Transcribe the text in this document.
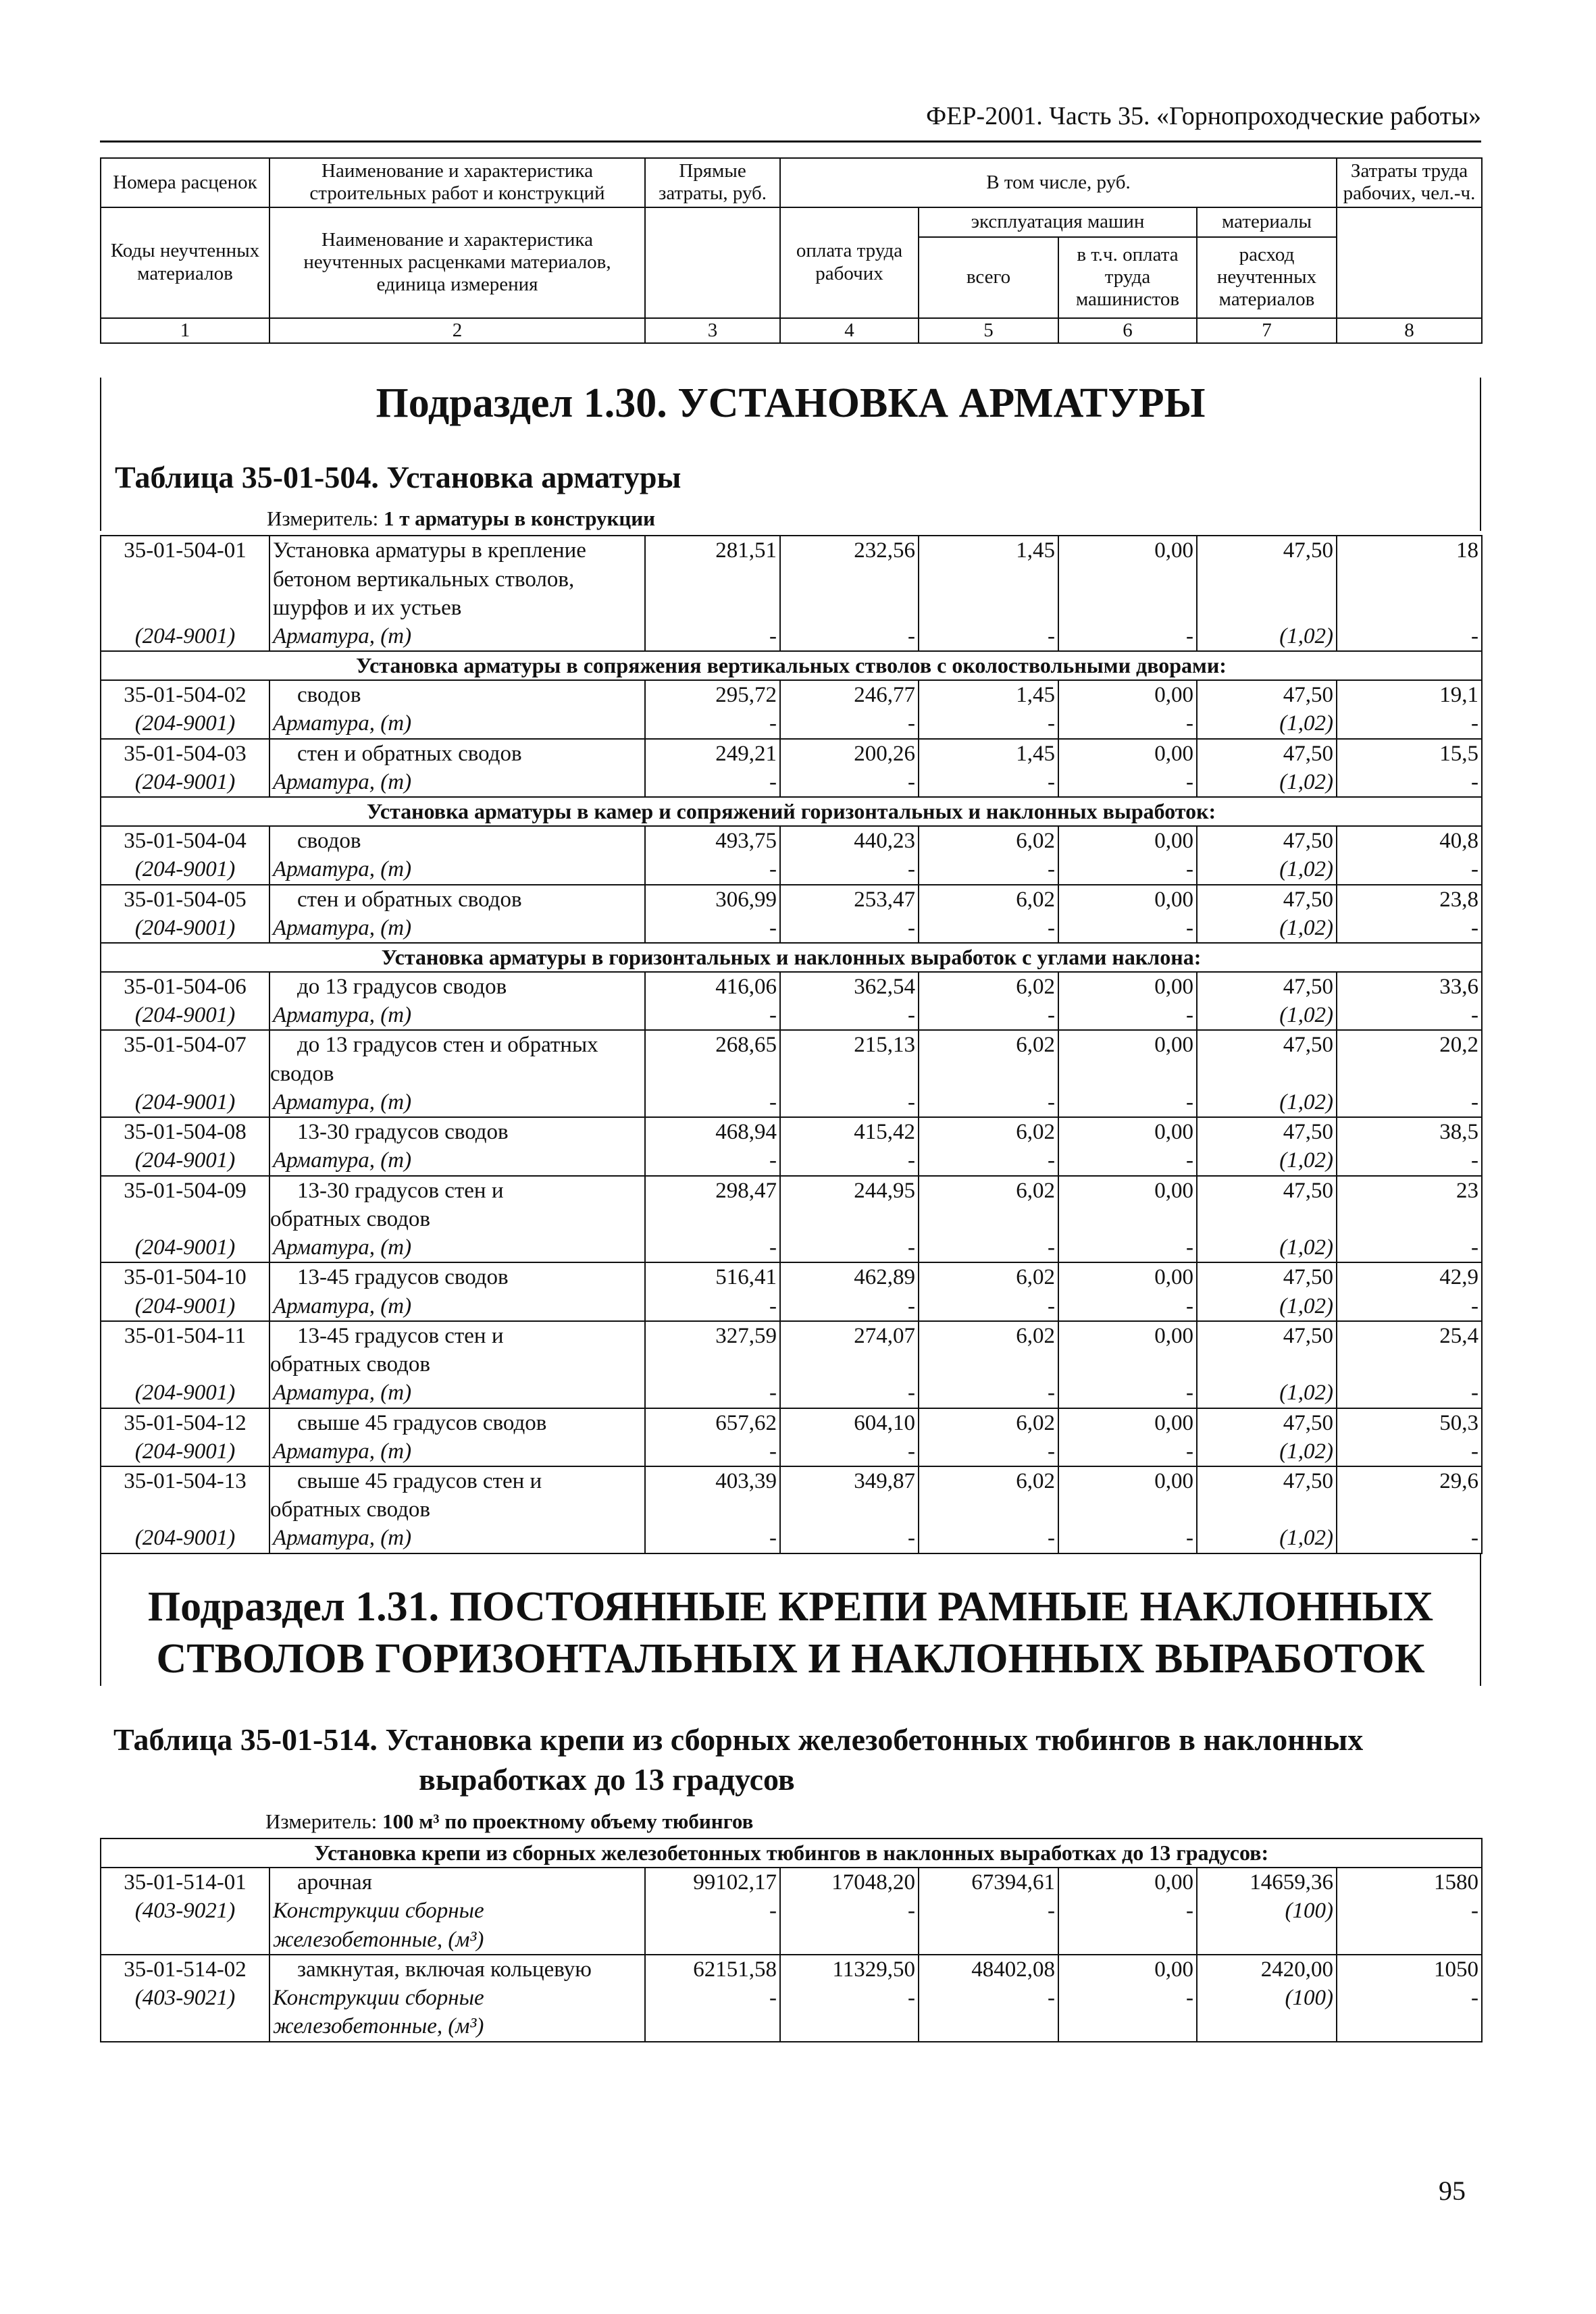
ФЕР-2001. Часть 35. «Горнопроходческие работы»
Номера расценок	Наименование и характеристика строительных работ и конструкций	Прямые затраты, руб.	В том числе, руб.	Затраты труда рабочих, чел.-ч.
Коды неучтенных материалов	Наименование и характеристика неучтенных расценками материалов, единица измерения		оплата труда рабочих	эксплуатация машин		материалы	
				всего	в т.ч. оплата труда машинистов	расход неучтенных материалов	
1	2	3	4	5	6	7	8
Подраздел 1.30. УСТАНОВКА АРМАТУРЫ
Таблица 35-01-504. Установка арматуры
Измеритель: 1 т арматуры в конструкции
35-01-504-01	Установка арматуры в крепление
бетоном вертикальных стволов,
шурфов и их устьев	281,51	232,56	1,45	0,00	47,50	18
(204-9001)	Арматура, (т)	-	-	-	-	(1,02)	-
Установка арматуры в сопряжения вертикальных стволов с околоствольными дворами:							
35-01-504-02	сводов	295,72	246,77	1,45	0,00	47,50	19,1
(204-9001)	Арматура, (т)	-	-	-	-	(1,02)	-
35-01-504-03	стен и обратных сводов	249,21	200,26	1,45	0,00	47,50	15,5
(204-9001)	Арматура, (т)	-	-	-	-	(1,02)	-
Установка арматуры в камер и сопряжений горизонтальных и наклонных выработок:							
35-01-504-04	сводов	493,75	440,23	6,02	0,00	47,50	40,8
(204-9001)	Арматура, (т)	-	-	-	-	(1,02)	-
35-01-504-05	стен и обратных сводов	306,99	253,47	6,02	0,00	47,50	23,8
(204-9001)	Арматура, (т)	-	-	-	-	(1,02)	-
Установка арматуры в горизонтальных и наклонных выработок с углами наклона:							
35-01-504-06	до 13 градусов сводов	416,06	362,54	6,02	0,00	47,50	33,6
(204-9001)	Арматура, (т)	-	-	-	-	(1,02)	-
35-01-504-07	до 13 градусов стен и обратных
сводов	268,65	215,13	6,02	0,00	47,50	20,2
(204-9001)	Арматура, (т)	-	-	-	-	(1,02)	-
35-01-504-08	13-30 градусов сводов	468,94	415,42	6,02	0,00	47,50	38,5
(204-9001)	Арматура, (т)	-	-	-	-	(1,02)	-
35-01-504-09	13-30 градусов стен и
обратных сводов	298,47	244,95	6,02	0,00	47,50	23
(204-9001)	Арматура, (т)	-	-	-	-	(1,02)	-
35-01-504-10	13-45 градусов сводов	516,41	462,89	6,02	0,00	47,50	42,9
(204-9001)	Арматура, (т)	-	-	-	-	(1,02)	-
35-01-504-11	13-45 градусов стен и
обратных сводов	327,59	274,07	6,02	0,00	47,50	25,4
(204-9001)	Арматура, (т)	-	-	-	-	(1,02)	-
35-01-504-12	свыше 45 градусов сводов	657,62	604,10	6,02	0,00	47,50	50,3
(204-9001)	Арматура, (т)	-	-	-	-	(1,02)	-
35-01-504-13	свыше 45 градусов стен и
обратных сводов	403,39	349,87	6,02	0,00	47,50	29,6
(204-9001)	Арматура, (т)	-	-	-	-	(1,02)	-
Подраздел 1.31. ПОСТОЯННЫЕ КРЕПИ РАМНЫЕ НАКЛОННЫХ
СТВОЛОВ ГОРИЗОНТАЛЬНЫХ И НАКЛОННЫХ ВЫРАБОТОК
Таблица 35-01-514. Установка крепи из сборных железобетонных тюбингов в наклонных
выработках до 13 градусов
Измеритель: 100 м³ по проектному объему тюбингов
Установка крепи из сборных железобетонных тюбингов в наклонных выработках до 13 градусов:							
35-01-514-01	арочная	99102,17	17048,20	67394,61	0,00	14659,36	1580
(403-9021)	Конструкции сборные
железобетонные, (м³)	-	-	-	-	(100)	-
35-01-514-02	замкнутая, включая кольцевую	62151,58	11329,50	48402,08	0,00	2420,00	1050
(403-9021)	Конструкции сборные
железобетонные, (м³)	-	-	-	-	(100)	-
95
